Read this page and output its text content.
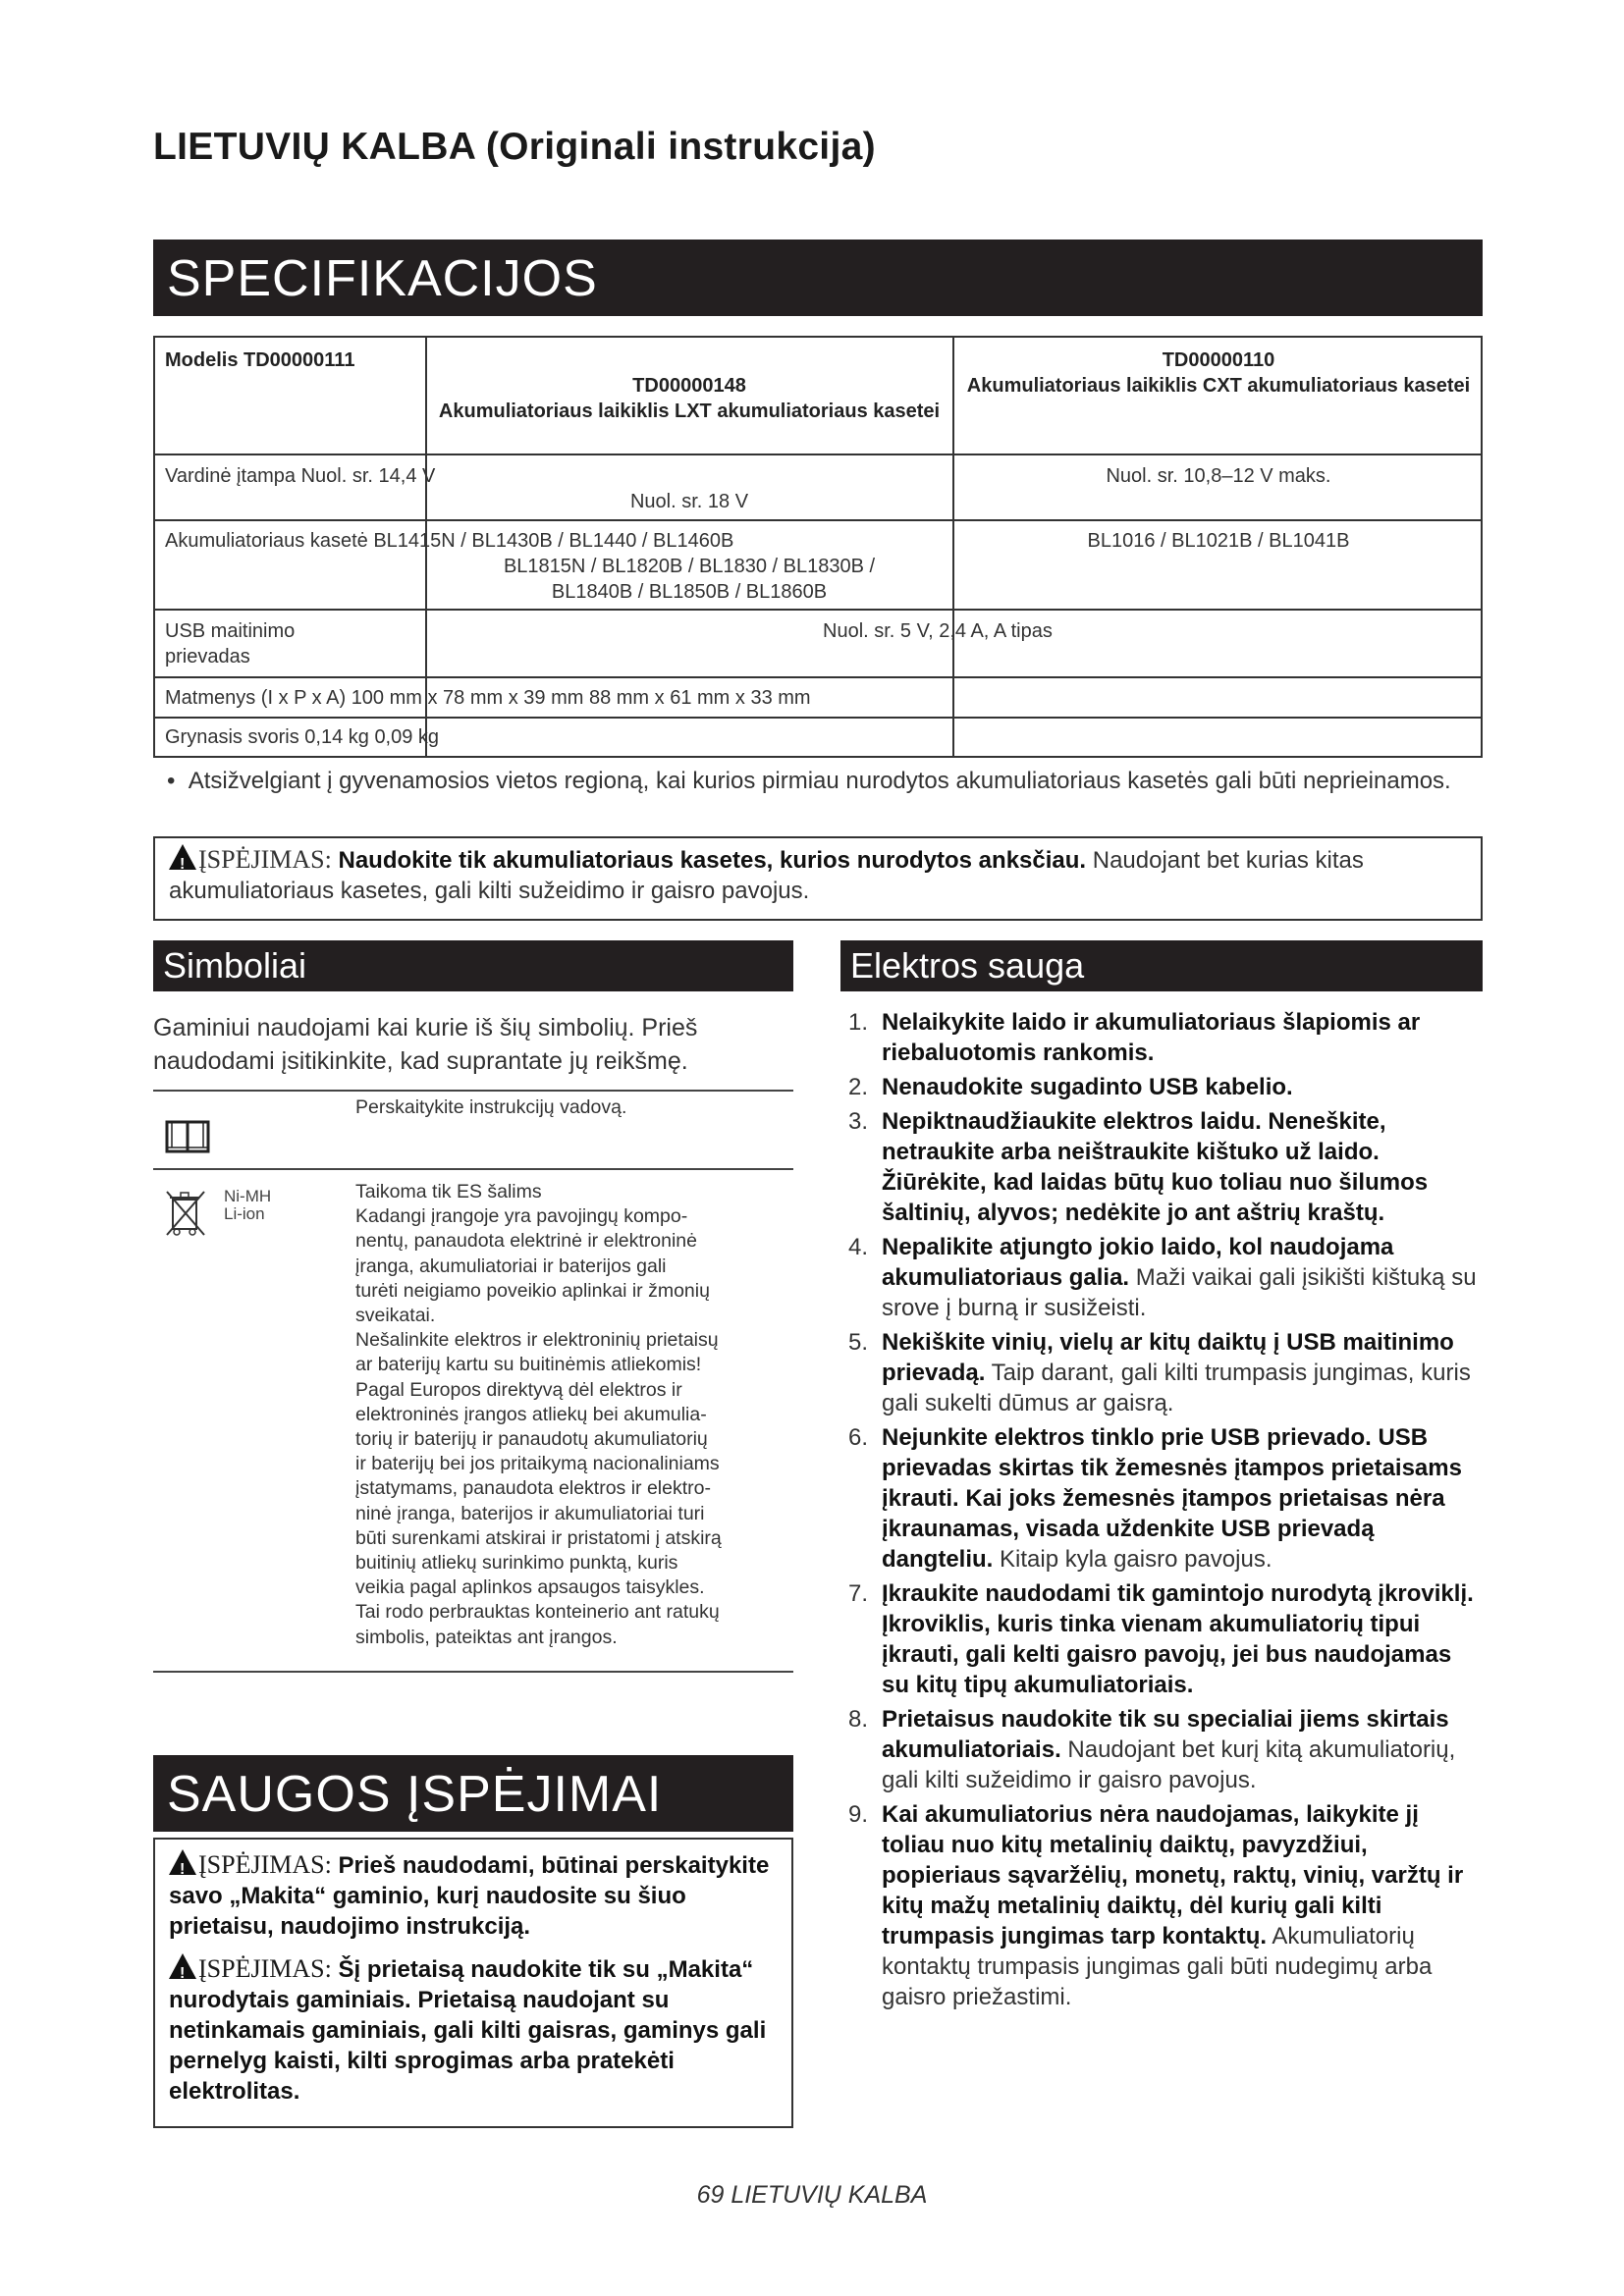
LIETUVIŲ KALBA (Originali instrukcija)
SPECIFIKACIJOS
Modelis TD00000111
TD00000148
Akumuliatoriaus laikiklis LXT akumuliatoriaus kasetei
TD00000110
Akumuliatoriaus laikiklis CXT akumuliatoriaus kasetei
Vardinė įtampa Nuol. sr. 14,4 V
Nuol. sr. 18 V
Nuol. sr. 10,8–12 V maks.
Akumuliatoriaus kasetė BL1415N / BL1430B / BL1440 / BL1460B
BL1815N / BL1820B / BL1830 / BL1830B /
BL1840B / BL1850B / BL1860B
BL1016 / BL1021B / BL1041B
USB maitinimo
prievadas
Nuol. sr. 5 V, 2,4 A, A tipas
Matmenys (I x P x A) 100 mm x 78 mm x 39 mm 88 mm x 61 mm x 33 mm
Grynasis svoris 0,14 kg 0,09 kg
•  Atsižvelgiant į gyvenamosios vietos regioną, kai kurios pirmiau nurodytos akumuliatoriaus kasetės gali būti neprieinamos.
!ĮSPĖJIMAS: Naudokite tik akumuliatoriaus kasetes, kurios nurodytos anksčiau. Naudojant bet kurias kitas akumuliatoriaus kasetes, gali kilti sužeidimo ir gaisro pavojus.
Simboliai	Elektros sauga
Gaminiui naudojami kai kurie iš šių simbolių. Prieš naudodami įsitikinkite, kad suprantate jų reikšmę.
Perskaitykite instrukcijų vadovą.
Ni-MH
Li-ion
Taikoma tik ES šalims
Kadangi įrangoje yra pavojingų kompo-
nentų, panaudota elektrinė ir elektroninė
įranga, akumuliatoriai ir baterijos gali
turėti neigiamo poveikio aplinkai ir žmonių
sveikatai.
Nešalinkite elektros ir elektroninių prietaisų
ar baterijų kartu su buitinėmis atliekomis!
Pagal Europos direktyvą dėl elektros ir
elektroninės įrangos atliekų bei akumulia-
torių ir baterijų ir panaudotų akumuliatorių
ir baterijų bei jos pritaikymą nacionaliniams
įstatymams, panaudota elektros ir elektro-
ninė įranga, baterijos ir akumuliatoriai turi
būti surenkami atskirai ir pristatomi į atskirą
buitinių atliekų surinkimo punktą, kuris
veikia pagal aplinkos apsaugos taisykles.
Tai rodo perbrauktas konteinerio ant ratukų
simbolis, pateiktas ant įrangos.
SAUGOS ĮSPĖJIMAI

!ĮSPĖJIMAS: Prieš naudodami, būtinai perskaitykite savo „Makita“ gaminio, kurį naudosite su šiuo prietaisu, naudojimo instrukciją.

!ĮSPĖJIMAS: Šį prietaisą naudokite tik su „Makita“ nurodytais gaminiais. Prietaisą naudojant su netinkamais gaminiais, gali kilti gaisras, gaminys gali pernelyg kaisti, kilti sprogimas arba pratekėti elektrolitas.

1. Nelaikykite laido ir akumuliatoriaus šlapiomis ar riebaluotomis rankomis.
2. Nenaudokite sugadinto USB kabelio.
3. Nepiktnaudžiaukite elektros laidu. Neneškite, netraukite arba neištraukite kištuko už laido. Žiūrėkite, kad laidas būtų kuo toliau nuo šilumos šaltinių, alyvos; nedėkite jo ant aštrių kraštų.
4. Nepalikite atjungto jokio laido, kol naudojama akumuliatoriaus galia. Maži vaikai gali įsikišti kištuką su srove į burną ir susižeisti.
5. Nekiškite vinių, vielų ar kitų daiktų į USB maitinimo prievadą. Taip darant, gali kilti trumpasis jungimas, kuris gali sukelti dūmus ar gaisrą.
6. Nejunkite elektros tinklo prie USB prievado. USB prievadas skirtas tik žemesnės įtampos prietaisams įkrauti. Kai joks žemesnės įtampos prietaisas nėra įkraunamas, visada uždenkite USB prievadą dangteliu. Kitaip kyla gaisro pavojus.
7. Įkraukite naudodami tik gamintojo nurodytą įkroviklį. Įkroviklis, kuris tinka vienam akumuliatorių tipui įkrauti, gali kelti gaisro pavojų, jei bus naudojamas su kitų tipų akumuliatoriais.
8. Prietaisus naudokite tik su specialiai jiems skirtais akumuliatoriais. Naudojant bet kurį kitą akumuliatorių, gali kilti sužeidimo ir gaisro pavojus.
9. Kai akumuliatorius nėra naudojamas, laikykite jį toliau nuo kitų metalinių daiktų, pavyzdžiui, popieriaus sąvaržėlių, monetų, raktų, vinių, varžtų ir kitų mažų metalinių daiktų, dėl kurių gali kilti trumpasis jungimas tarp kontaktų. Akumuliatorių kontaktų trumpasis jungimas gali būti nudegimų arba gaisro priežastimi.
69 LIETUVIŲ KALBA
